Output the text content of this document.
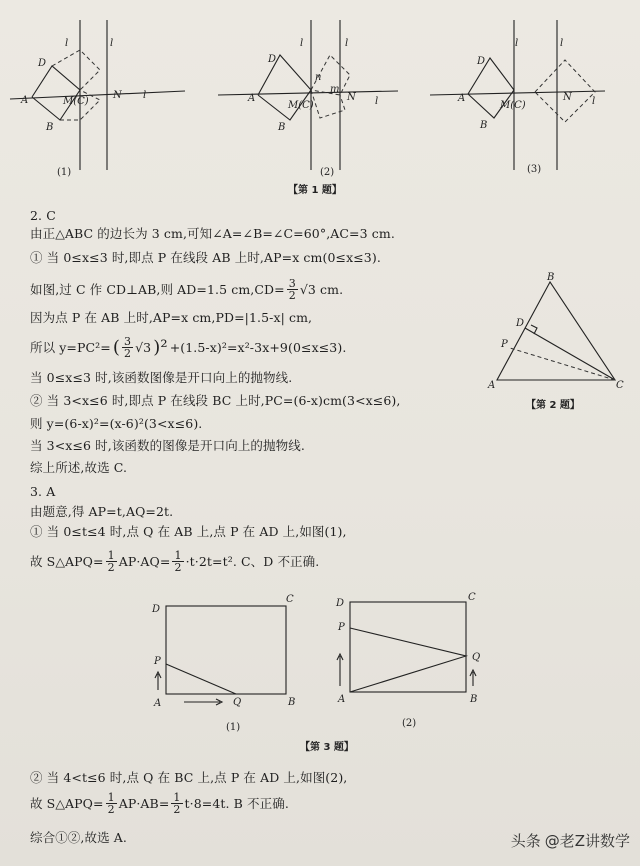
D
A
B
M(C)
N l
l	l
(1)
D
A
B
M(C)
N l
n
m
l	l
(2)
D
A
B
M(C)
N l
l	l
(3)
【第 1 题】
2. C
由正△ABC 的边长为 3 cm,可知∠A=∠B=∠C=60°,AC=3 cm.
① 当 0≤x≤3 时,即点 P 在线段 AB 上时,AP=x cm(0≤x≤3).
如图,过 C 作 CD⊥AB,则 AD=1.5 $cm,CD= \frac{3}{2} √3$ cm.
因为点 P 在 AB 上时,AP=x cm,PD=|1.5-x| cm,
所以 y=PC²= ( $\frac{3}{2} √3$ )² +(1.5-x)²=x²-3x+9(0≤x≤3).
当 0≤x≤3 时,该函数图像是开口向上的抛物线.
② 当 3<x≤6 时,即点 P 在线段 BC 上时,PC=(6-x)cm(3<x≤6),
则 y=(6-x)²=(x-6)²(3<x≤6).
当 3<x≤6 时,该函数的图像是开口向上的抛物线.
综上所述,故选 C.
B
D
P
A	C
【第 2 题】
3. A
由题意,得 AP=t,AQ=2t.
① 当 0≤t≤4 时,点 Q 在 AB 上,点 P 在 AD 上,如图(1),
故 S△APQ= $\frac{1}{2} AP\cdot AQ= \frac{1}{2} \cdot t\cdot 2t=t^2$. C、D 不正确.
D
C
P
A	Q	B
(1)
D
C
P
A
Q
B
(2)
【第 3 题】
② 当 4<t≤6 时,点 Q 在 BC 上,点 P 在 AD 上,如图(2),
故 S△APQ= $\frac{1}{2} AP\cdot AB= \frac{1}{2} t\cdot 8=4t$. B 不正确.
综合①②,故选 A.	头条 @老Z讲数学
